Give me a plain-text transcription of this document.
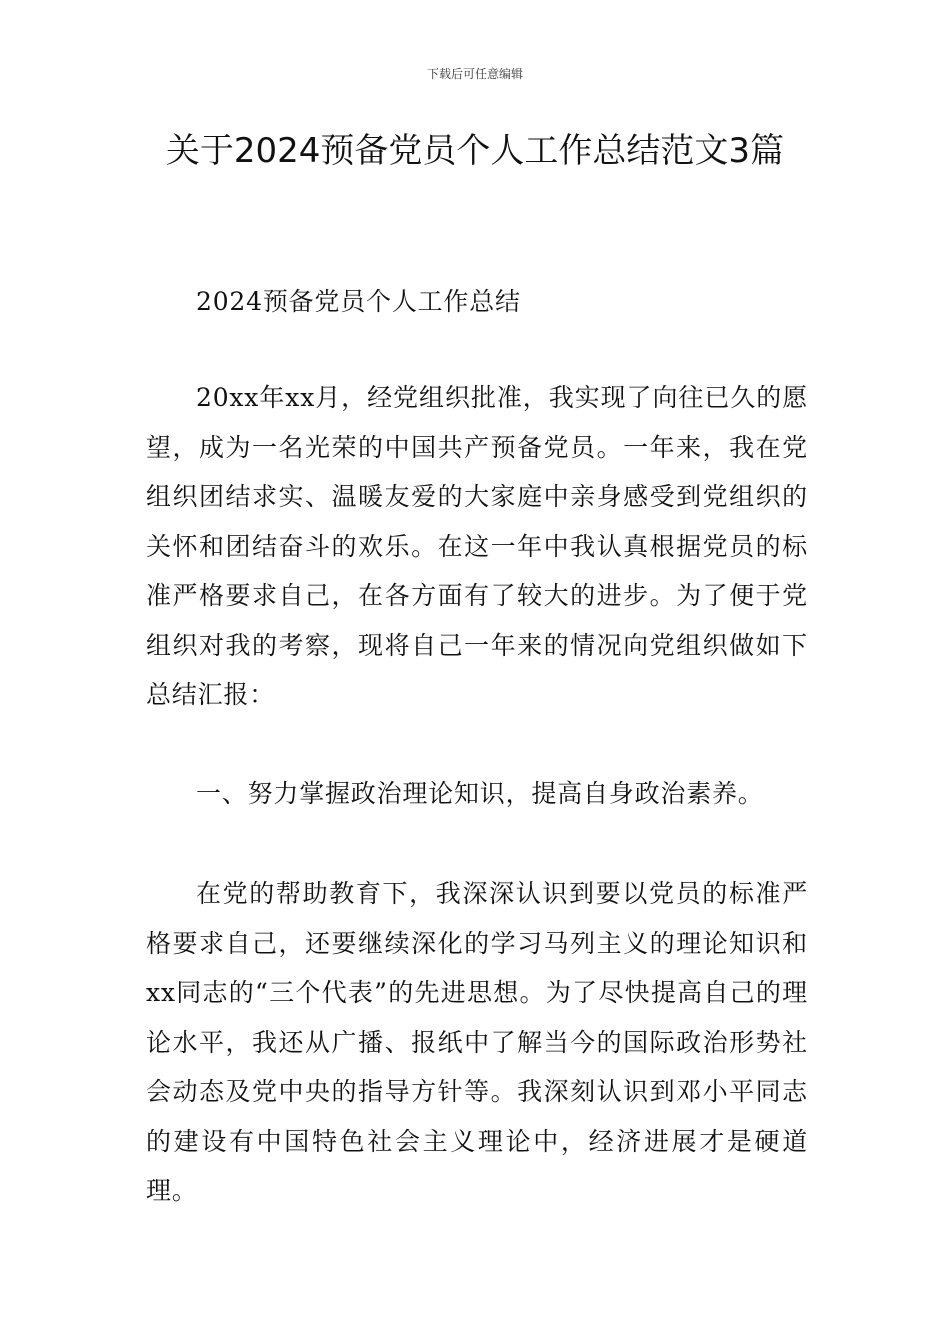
下载后可任意编辑
关于2024预备党员个人工作总结范文3篇

2024预备党员个人工作总结

20xx年xx月，经党组织批准，我实现了向往已久的愿望，成为一名光荣的中国共产预备党员。一年来，我在党组织团结求实、温暖友爱的大家庭中亲身感受到党组织的关怀和团结奋斗的欢乐。在这一年中我认真根据党员的标准严格要求自己，在各方面有了较大的进步。为了便于党组织对我的考察，现将自己一年来的情况向党组织做如下总结汇报：

一、努力掌握政治理论知识，提高自身政治素养。

在党的帮助教育下，我深深认识到要以党员的标准严格要求自己，还要继续深化的学习马列主义的理论知识和xx同志的“三个代表”的先进思想。为了尽快提高自己的理论水平，我还从广播、报纸中了解当今的国际政治形势社会动态及党中央的指导方针等。我深刻认识到邓小平同志的建设有中国特色社会主义理论中，经济进展才是硬道理。
